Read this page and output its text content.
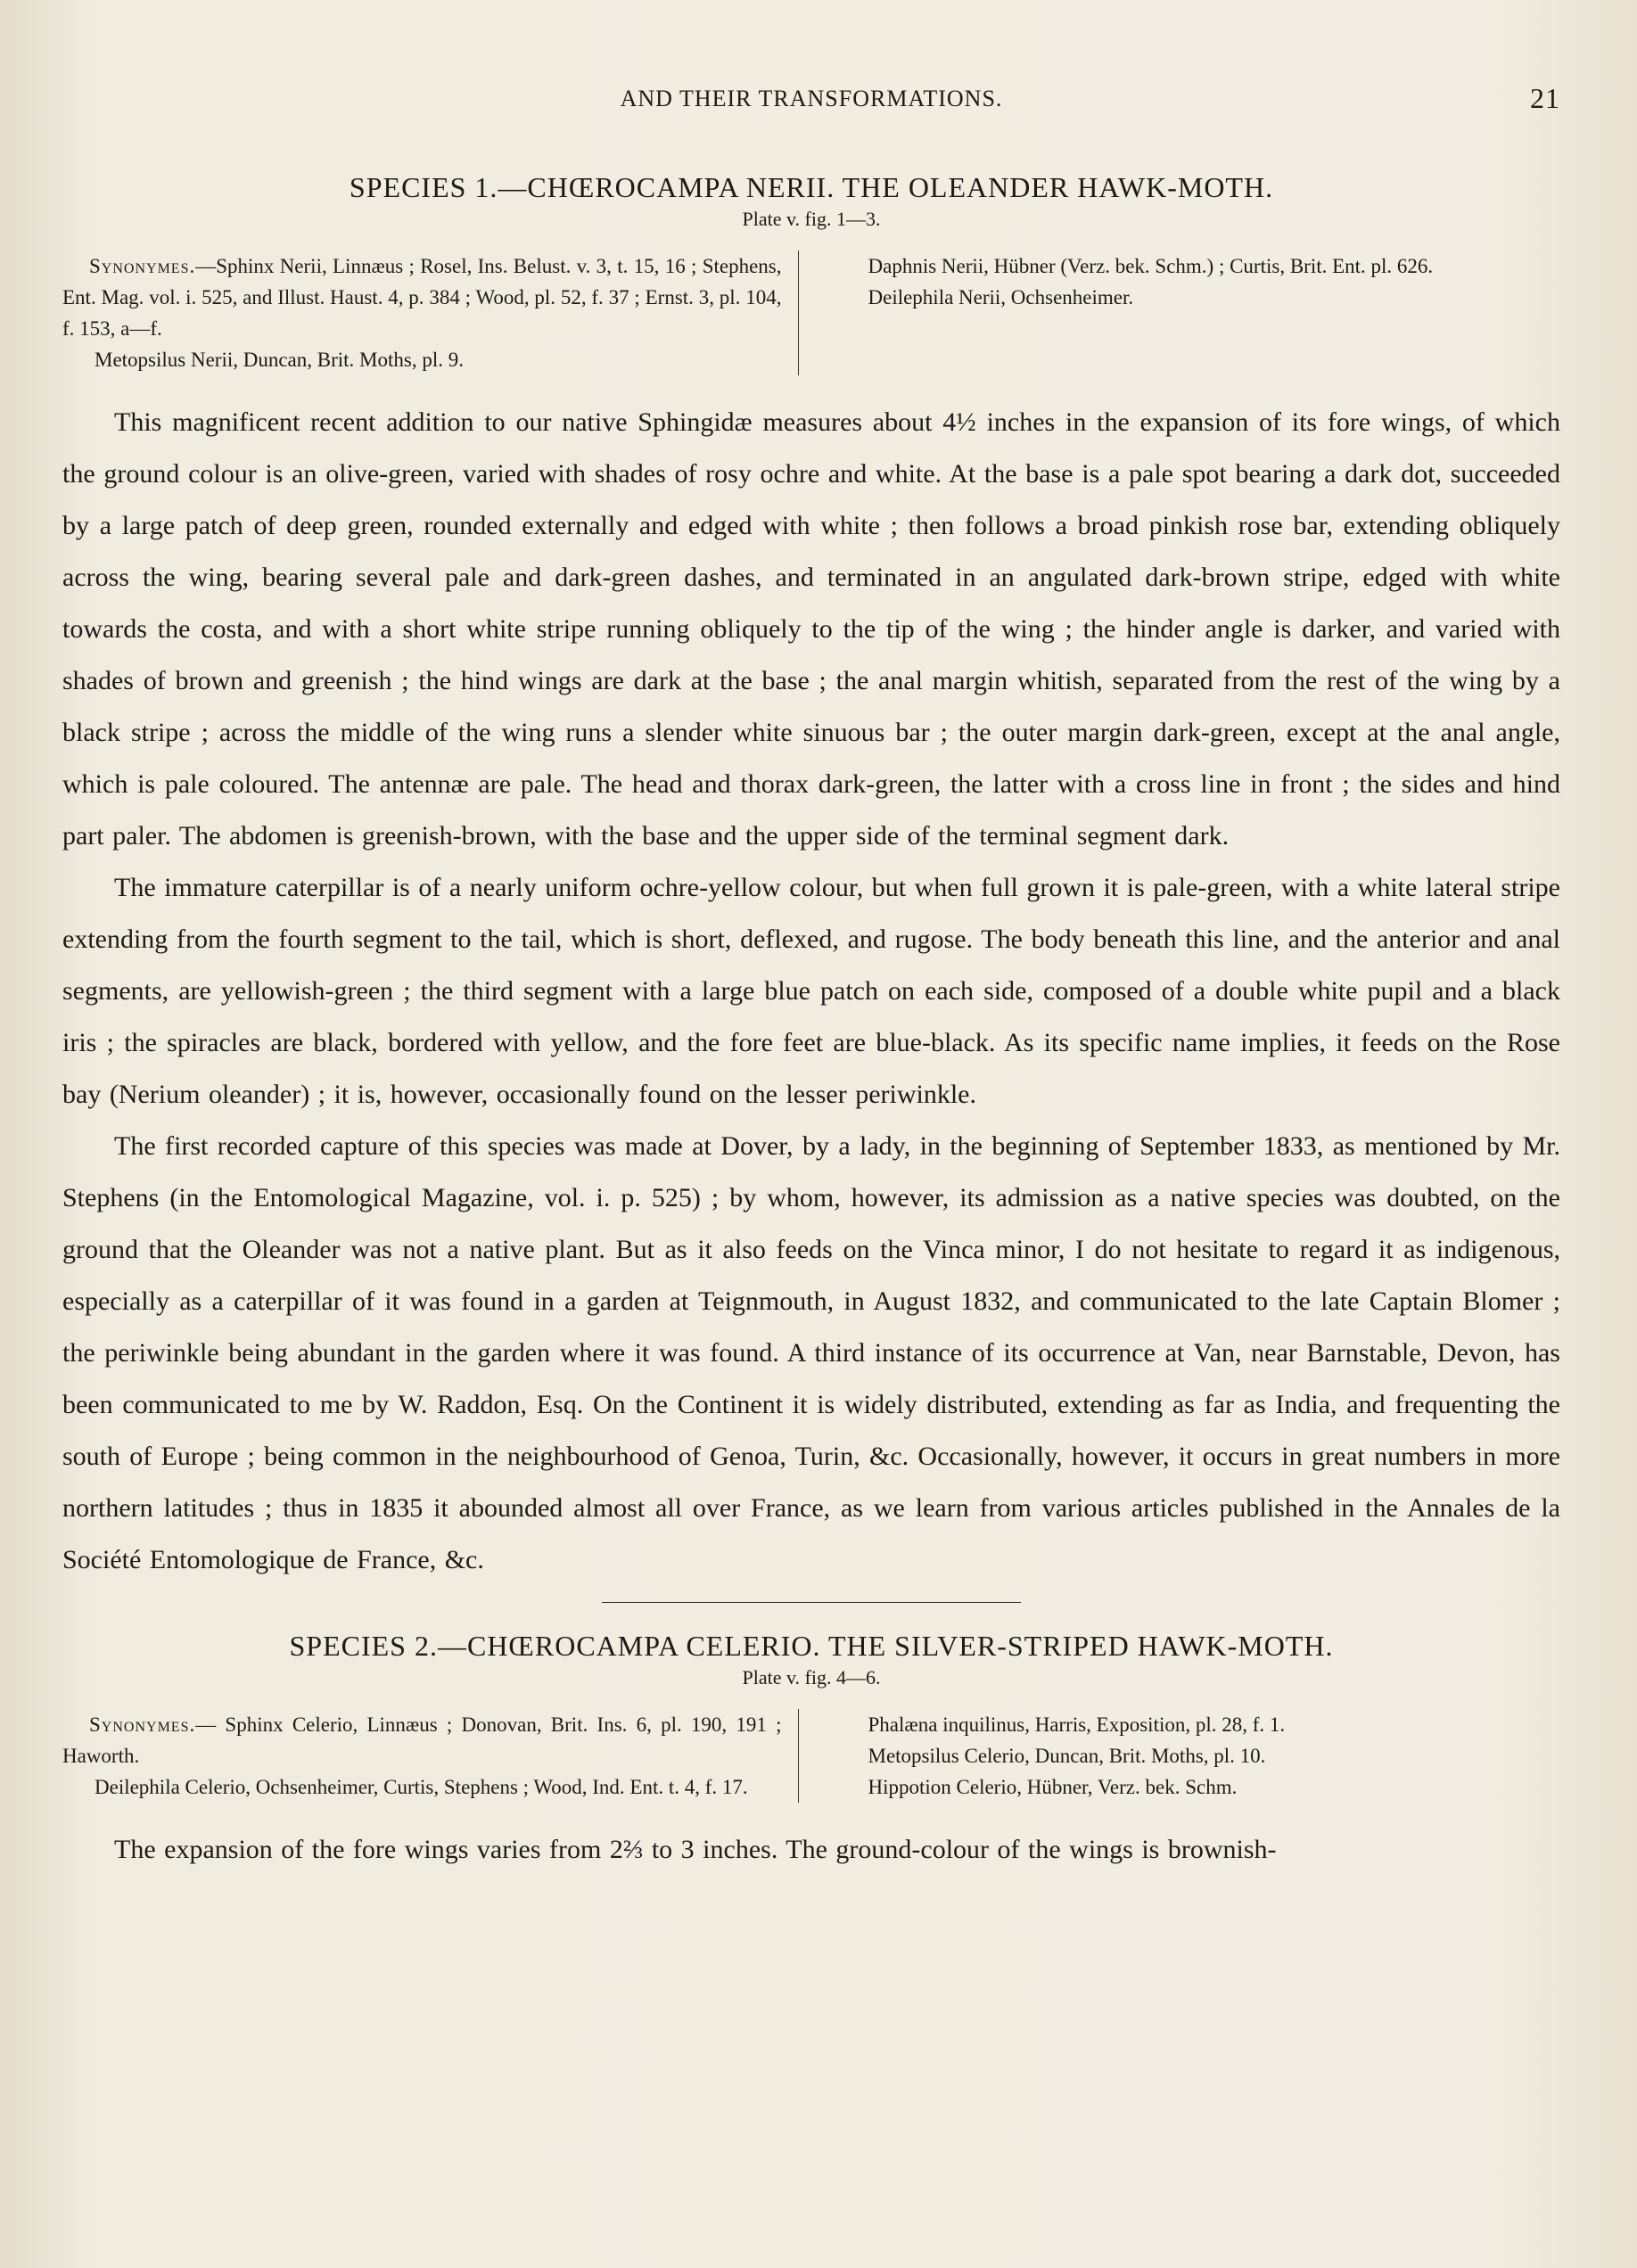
AND THEIR TRANSFORMATIONS.	21
SPECIES 1.—CHŒROCAMPA NERII. THE OLEANDER HAWK-MOTH.
Plate v. fig. 1—3.

Synonymes.—Sphinx Nerii, Linnæus ; Rosel, Ins. Belust. v. 3, t. 15, 16 ; Stephens, Ent. Mag. vol. i. 525, and Illust. Haust. 4, p. 384 ; Wood, pl. 52, f. 37 ; Ernst. 3, pl. 104, f. 153, a—f.

Metopsilus Nerii, Duncan, Brit. Moths, pl. 9.

Daphnis Nerii, Hübner (Verz. bek. Schm.) ; Curtis, Brit. Ent. pl. 626.

Deilephila Nerii, Ochsenheimer.

This magnificent recent addition to our native Sphingidæ measures about 4½ inches in the expansion of its fore wings, of which the ground colour is an olive-green, varied with shades of rosy ochre and white. At the base is a pale spot bearing a dark dot, succeeded by a large patch of deep green, rounded externally and edged with white ; then follows a broad pinkish rose bar, extending obliquely across the wing, bearing several pale and dark-green dashes, and terminated in an angulated dark-brown stripe, edged with white towards the costa, and with a short white stripe running obliquely to the tip of the wing ; the hinder angle is darker, and varied with shades of brown and greenish ; the hind wings are dark at the base ; the anal margin whitish, separated from the rest of the wing by a black stripe ; across the middle of the wing runs a slender white sinuous bar ; the outer margin dark-green, except at the anal angle, which is pale coloured. The antennæ are pale. The head and thorax dark-green, the latter with a cross line in front ; the sides and hind part paler. The abdomen is greenish-brown, with the base and the upper side of the terminal segment dark.

The immature caterpillar is of a nearly uniform ochre-yellow colour, but when full grown it is pale-green, with a white lateral stripe extending from the fourth segment to the tail, which is short, deflexed, and rugose. The body beneath this line, and the anterior and anal segments, are yellowish-green ; the third segment with a large blue patch on each side, composed of a double white pupil and a black iris ; the spiracles are black, bordered with yellow, and the fore feet are blue-black. As its specific name implies, it feeds on the Rose bay (Nerium oleander) ; it is, however, occasionally found on the lesser periwinkle.

The first recorded capture of this species was made at Dover, by a lady, in the beginning of September 1833, as mentioned by Mr. Stephens (in the Entomological Magazine, vol. i. p. 525) ; by whom, however, its admission as a native species was doubted, on the ground that the Oleander was not a native plant. But as it also feeds on the Vinca minor, I do not hesitate to regard it as indigenous, especially as a caterpillar of it was found in a garden at Teignmouth, in August 1832, and communicated to the late Captain Blomer ; the periwinkle being abundant in the garden where it was found. A third instance of its occurrence at Van, near Barnstable, Devon, has been communicated to me by W. Raddon, Esq. On the Continent it is widely distributed, extending as far as India, and frequenting the south of Europe ; being common in the neighbourhood of Genoa, Turin, &c. Occasionally, however, it occurs in great numbers in more northern latitudes ; thus in 1835 it abounded almost all over France, as we learn from various articles published in the Annales de la Société Entomologique de France, &c.

SPECIES 2.—CHŒROCAMPA CELERIO. THE SILVER-STRIPED HAWK-MOTH.
Plate v. fig. 4—6.

Synonymes.— Sphinx Celerio, Linnæus ; Donovan, Brit. Ins. 6, pl. 190, 191 ; Haworth.

Deilephila Celerio, Ochsenheimer, Curtis, Stephens ; Wood, Ind. Ent. t. 4, f. 17.

Phalæna inquilinus, Harris, Exposition, pl. 28, f. 1.

Metopsilus Celerio, Duncan, Brit. Moths, pl. 10.

Hippotion Celerio, Hübner, Verz. bek. Schm.

The expansion of the fore wings varies from 2⅔ to 3 inches. The ground-colour of the wings is brownish-
